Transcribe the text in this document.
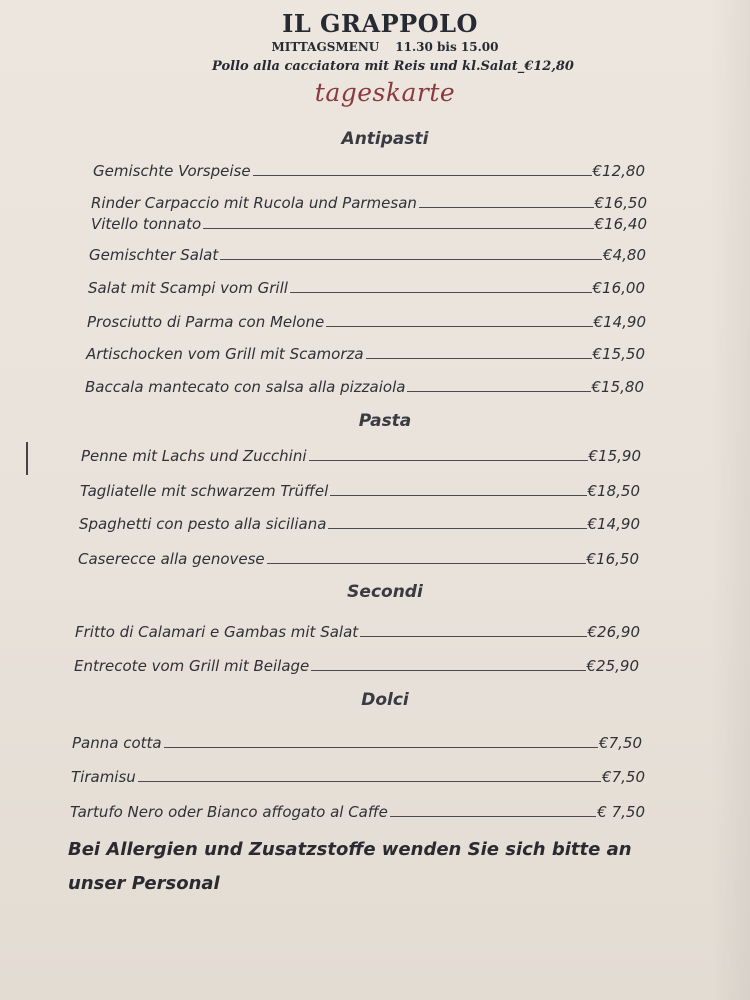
IL GRAPPOLO
MITTAGSMENU 11.30 bis 15.00
Pollo alla cacciatora mit Reis und kl.Salat_€12,80
tageskarte
Antipasti
Gemischte Vorspeise	€12,80
Rinder Carpaccio mit Rucola und Parmesan	€16,50
Vitello tonnato	€16,40
Gemischter Salat	€4,80
Salat mit Scampi vom Grill	€16,00
Prosciutto di Parma con Melone	€14,90
Artischocken vom Grill mit Scamorza	€15,50
Baccala mantecato con salsa alla pizzaiola	€15,80
Pasta
Penne mit Lachs und Zucchini	€15,90
Tagliatelle mit schwarzem Trüffel	€18,50
Spaghetti con pesto alla siciliana	€14,90
Caserecce alla genovese	€16,50
Secondi
Fritto di Calamari e Gambas mit Salat	€26,90
Entrecote vom Grill mit Beilage	€25,90
Dolci
Panna cotta	€7,50
Tiramisu	€7,50
Tartufo Nero oder Bianco affogato al Caffe	€ 7,50
Bei Allergien und Zusatzstoffe wenden Sie sich bitte an unser Personal
